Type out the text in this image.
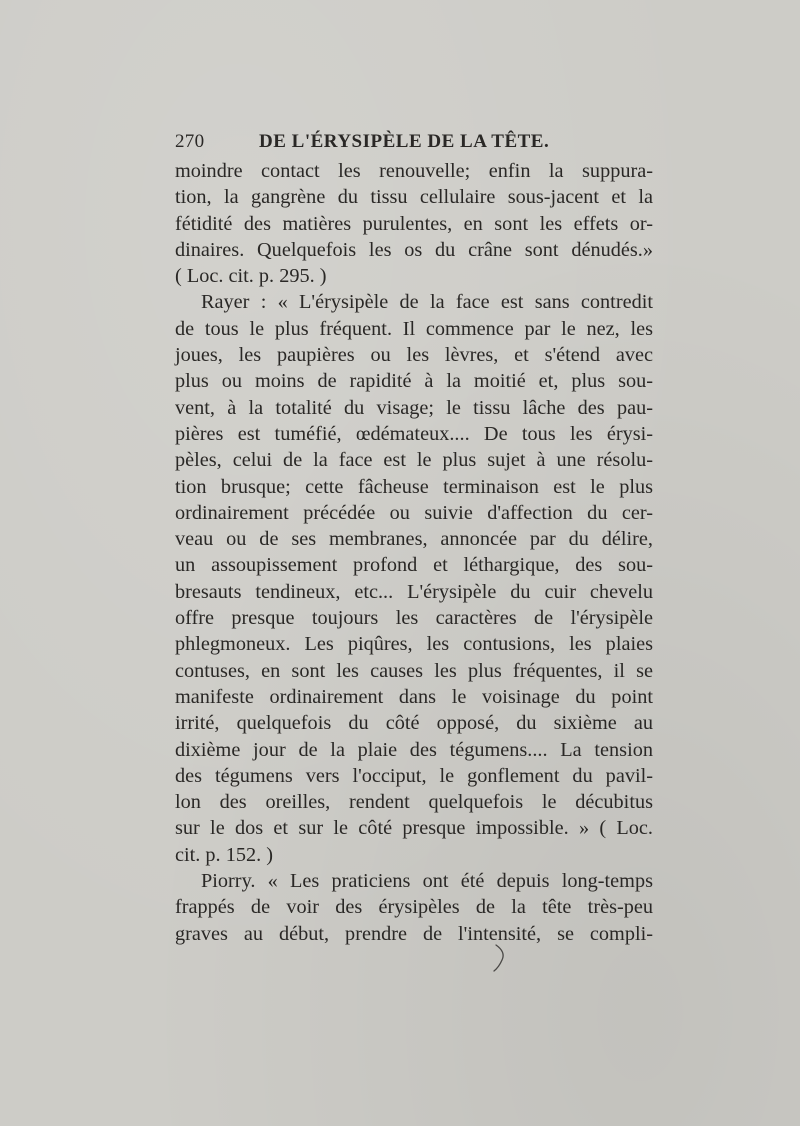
270	DE L'ÉRYSIPÈLE DE LA TÊTE.
moindre contact les renouvelle; enfin la suppura-
tion, la gangrène du tissu cellulaire sous-jacent et la
fétidité des matières purulentes, en sont les effets or-
dinaires. Quelquefois les os du crâne sont dénudés.»
( Loc. cit. p. 295. )
Rayer : « L'érysipèle de la face est sans contredit
de tous le plus fréquent. Il commence par le nez, les
joues, les paupières ou les lèvres, et s'étend avec
plus ou moins de rapidité à la moitié et, plus sou-
vent, à la totalité du visage; le tissu lâche des pau-
pières est tuméfié, œdémateux.... De tous les érysi-
pèles, celui de la face est le plus sujet à une résolu-
tion brusque; cette fâcheuse terminaison est le plus
ordinairement précédée ou suivie d'affection du cer-
veau ou de ses membranes, annoncée par du délire,
un assoupissement profond et léthargique, des sou-
bresauts tendineux, etc... L'érysipèle du cuir chevelu
offre presque toujours les caractères de l'érysipèle
phlegmoneux. Les piqûres, les contusions, les plaies
contuses, en sont les causes les plus fréquentes, il se
manifeste ordinairement dans le voisinage du point
irrité, quelquefois du côté opposé, du sixième au
dixième jour de la plaie des tégumens.... La tension
des tégumens vers l'occiput, le gonflement du pavil-
lon des oreilles, rendent quelquefois le décubitus
sur le dos et sur le côté presque impossible. » ( Loc.
cit. p. 152. )
Piorry. « Les praticiens ont été depuis long-temps
frappés de voir des érysipèles de la tête très-peu
graves au début, prendre de l'intensité, se compli-
